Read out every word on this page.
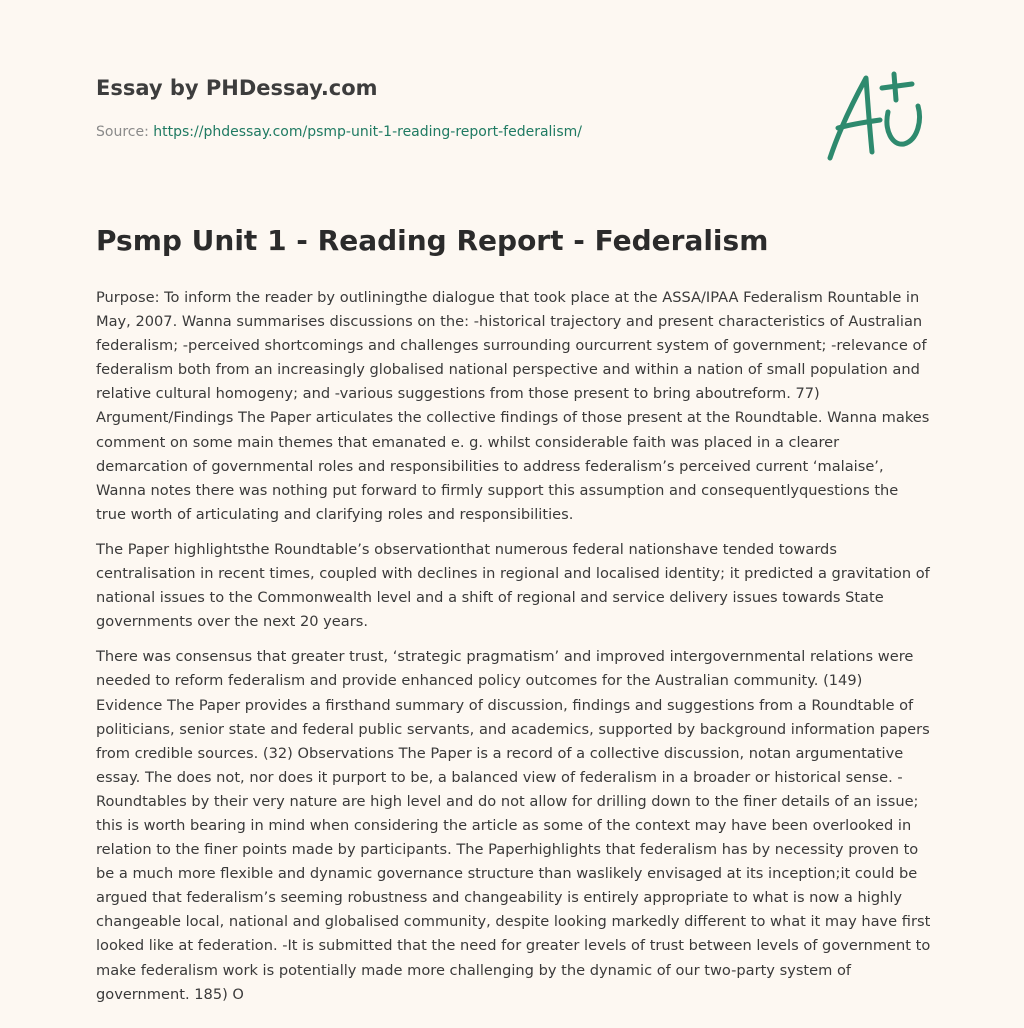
Essay by PHDessay.com
Source: https://phdessay.com/psmp-unit-1-reading-report-federalism/
Psmp Unit 1 - Reading Report - Federalism

Purpose: To inform the reader by outliningthe dialogue that took place at the ASSA/IPAA Federalism Rountable in May, 2007. Wanna summarises discussions on the: -historical trajectory and present characteristics of Australian federalism; -perceived shortcomings and challenges surrounding ourcurrent system of government; -relevance of federalism both from an increasingly globalised national perspective and within a nation of small population and relative cultural homogeny; and -various suggestions from those present to bring aboutreform. 77) Argument/Findings The Paper articulates the collective findings of those present at the Roundtable. Wanna makes comment on some main themes that emanated e. g. whilst considerable faith was placed in a clearer demarcation of governmental roles and responsibilities to address federalism’s perceived current ‘malaise’, Wanna notes there was nothing put forward to firmly support this assumption and consequentlyquestions the true worth of articulating and clarifying roles and responsibilities.

The Paper highlightsthe Roundtable’s observationthat numerous federal nationshave tended towards centralisation in recent times, coupled with declines in regional and localised identity; it predicted a gravitation of national issues to the Commonwealth level and a shift of regional and service delivery issues towards State governments over the next 20 years.

There was consensus that greater trust, ‘strategic pragmatism’ and improved intergovernmental relations were needed to reform federalism and provide enhanced policy outcomes for the Australian community. (149) Evidence The Paper provides a firsthand summary of discussion, findings and suggestions from a Roundtable of politicians, senior state and federal public servants, and academics, supported by background information papers from credible sources. (32) Observations The Paper is a record of a collective discussion, notan argumentative essay. The does not, nor does it purport to be, a balanced view of federalism in a broader or historical sense. -Roundtables by their very nature are high level and do not allow for drilling down to the finer details of an issue; this is worth bearing in mind when considering the article as some of the context may have been overlooked in relation to the finer points made by participants. The Paperhighlights that federalism has by necessity proven to be a much more flexible and dynamic governance structure than waslikely envisaged at its inception;it could be argued that federalism’s seeming robustness and changeability is entirely appropriate to what is now a highly changeable local, national and globalised community, despite looking markedly different to what it may have first looked like at federation. -It is submitted that the need for greater levels of trust between levels of government to make federalism work is potentially made more challenging by the dynamic of our two-party system of government. 185) O
